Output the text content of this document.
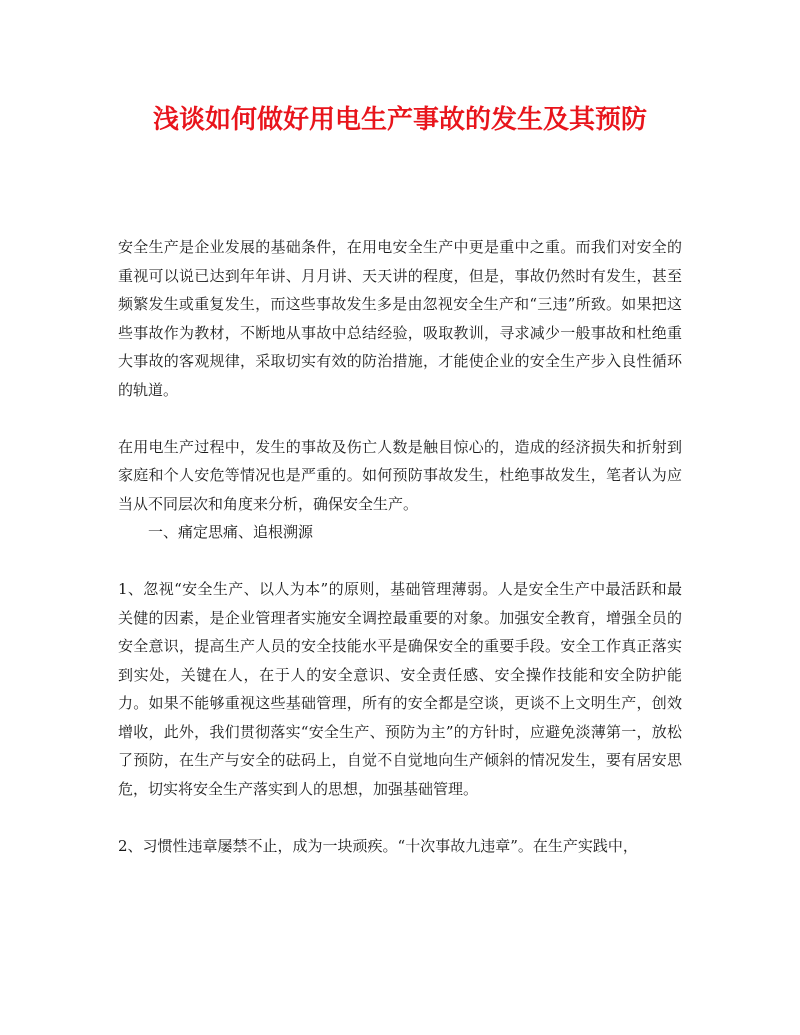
浅谈如何做好用电生产事故的发生及其预防

安全生产是企业发展的基础条件，在用电安全生产中更是重中之重。而我们对安全的重视可以说已达到年年讲、月月讲、天天讲的程度，但是，事故仍然时有发生，甚至频繁发生或重复发生，而这些事故发生多是由忽视安全生产和“三违”所致。如果把这些事故作为教材，不断地从事故中总结经验，吸取教训，寻求减少一般事故和杜绝重大事故的客观规律，采取切实有效的防治措施，才能使企业的安全生产步入良性循环的轨道。

在用电生产过程中，发生的事故及伤亡人数是触目惊心的，造成的经济损失和折射到家庭和个人安危等情况也是严重的。如何预防事故发生，杜绝事故发生，笔者认为应当从不同层次和角度来分析，确保安全生产。

一、痛定思痛、追根溯源

1、忽视“安全生产、以人为本”的原则，基础管理薄弱。人是安全生产中最活跃和最关健的因素，是企业管理者实施安全调控最重要的对象。加强安全教育，增强全员的安全意识，提高生产人员的安全技能水平是确保安全的重要手段。安全工作真正落实到实处，关键在人，在于人的安全意识、安全责任感、安全操作技能和安全防护能力。如果不能够重视这些基础管理，所有的安全都是空谈，更谈不上文明生产，创效增收，此外，我们贯彻落实“安全生产、预防为主”的方针时，应避免淡薄第一，放松了预防，在生产与安全的砝码上，自觉不自觉地向生产倾斜的情况发生，要有居安思危，切实将安全生产落实到人的思想，加强基础管理。

2、习惯性违章屡禁不止，成为一块顽疾。“十次事故九违章”。在生产实践中，
